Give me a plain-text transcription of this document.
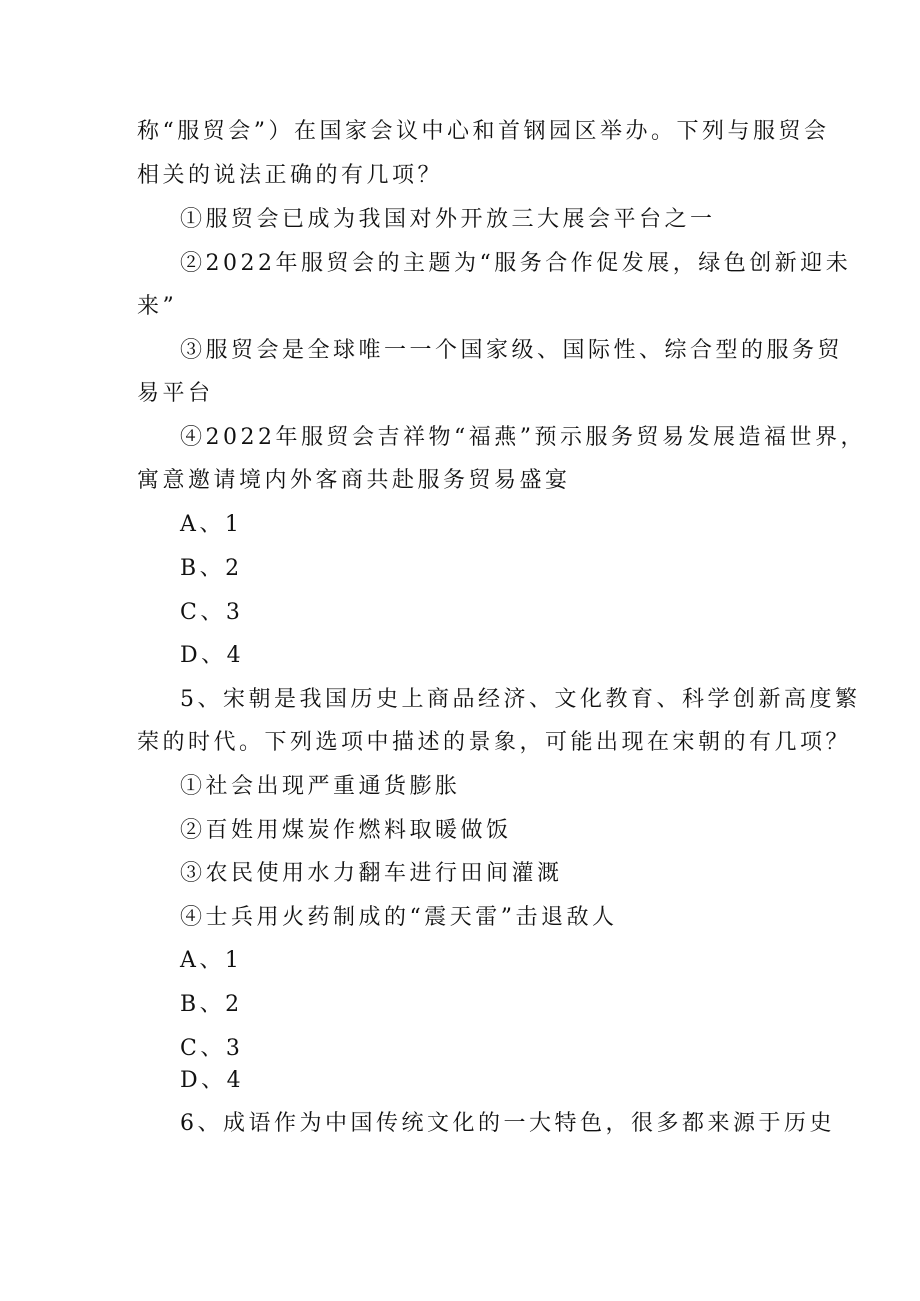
称“服贸会”）在国家会议中心和首钢园区举办。下列与服贸会
相关的说法正确的有几项？
①服贸会已成为我国对外开放三大展会平台之一
②2022年服贸会的主题为“服务合作促发展，绿色创新迎未
来”
③服贸会是全球唯一一个国家级、国际性、综合型的服务贸
易平台
④2022年服贸会吉祥物“福燕”预示服务贸易发展造福世界，
寓意邀请境内外客商共赴服务贸易盛宴
A、1
B、2
C、3
D、4
5、宋朝是我国历史上商品经济、文化教育、科学创新高度繁
荣的时代。下列选项中描述的景象，可能出现在宋朝的有几项？
①社会出现严重通货膨胀
②百姓用煤炭作燃料取暖做饭
③农民使用水力翻车进行田间灌溉
④士兵用火药制成的“震天雷”击退敌人
A、1
B、2
C、3
D、4
6、成语作为中国传统文化的一大特色，很多都来源于历史
